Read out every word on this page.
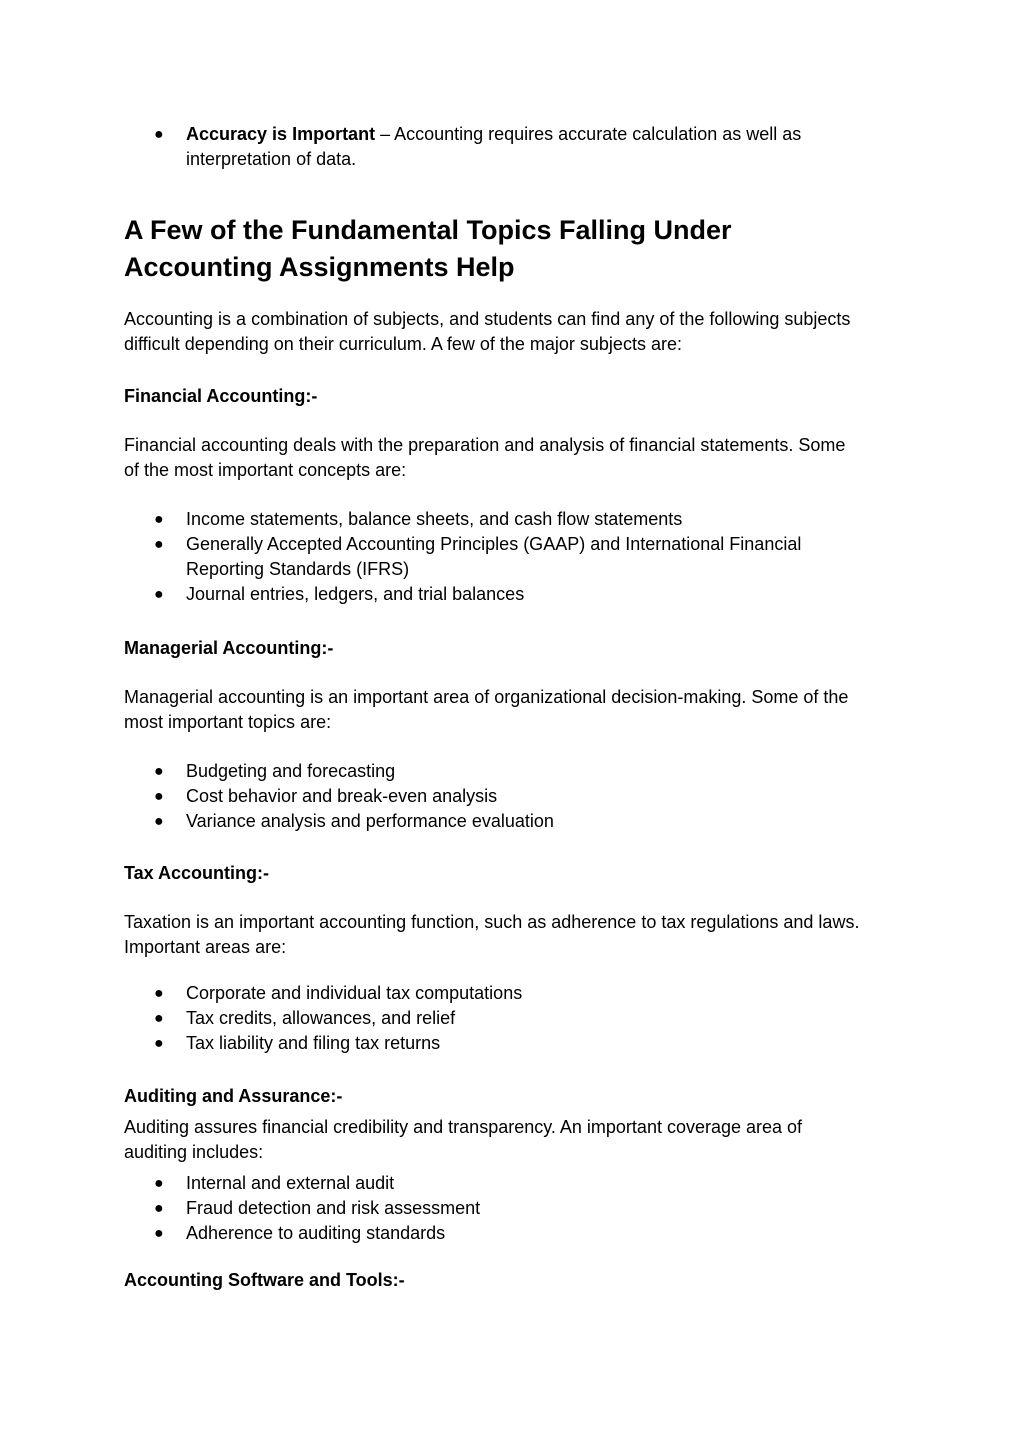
● Accuracy is Important – Accounting requires accurate calculation as well as interpretation of data.
A Few of the Fundamental Topics Falling Under Accounting Assignments Help

Accounting is a combination of subjects, and students can find any of the following subjects difficult depending on their curriculum. A few of the major subjects are:

Financial Accounting:-

Financial accounting deals with the preparation and analysis of financial statements. Some of the most important concepts are:

● Income statements, balance sheets, and cash flow statements
● Generally Accepted Accounting Principles (GAAP) and International Financial Reporting Standards (IFRS)
● Journal entries, ledgers, and trial balances
Managerial Accounting:-

Managerial accounting is an important area of organizational decision-making. Some of the most important topics are:

● Budgeting and forecasting
● Cost behavior and break-even analysis
● Variance analysis and performance evaluation
Tax Accounting:-

Taxation is an important accounting function, such as adherence to tax regulations and laws. Important areas are:

● Corporate and individual tax computations
● Tax credits, allowances, and relief
● Tax liability and filing tax returns
Auditing and Assurance:-

Auditing assures financial credibility and transparency. An important coverage area of auditing includes:

● Internal and external audit
● Fraud detection and risk assessment
● Adherence to auditing standards
Accounting Software and Tools:-
